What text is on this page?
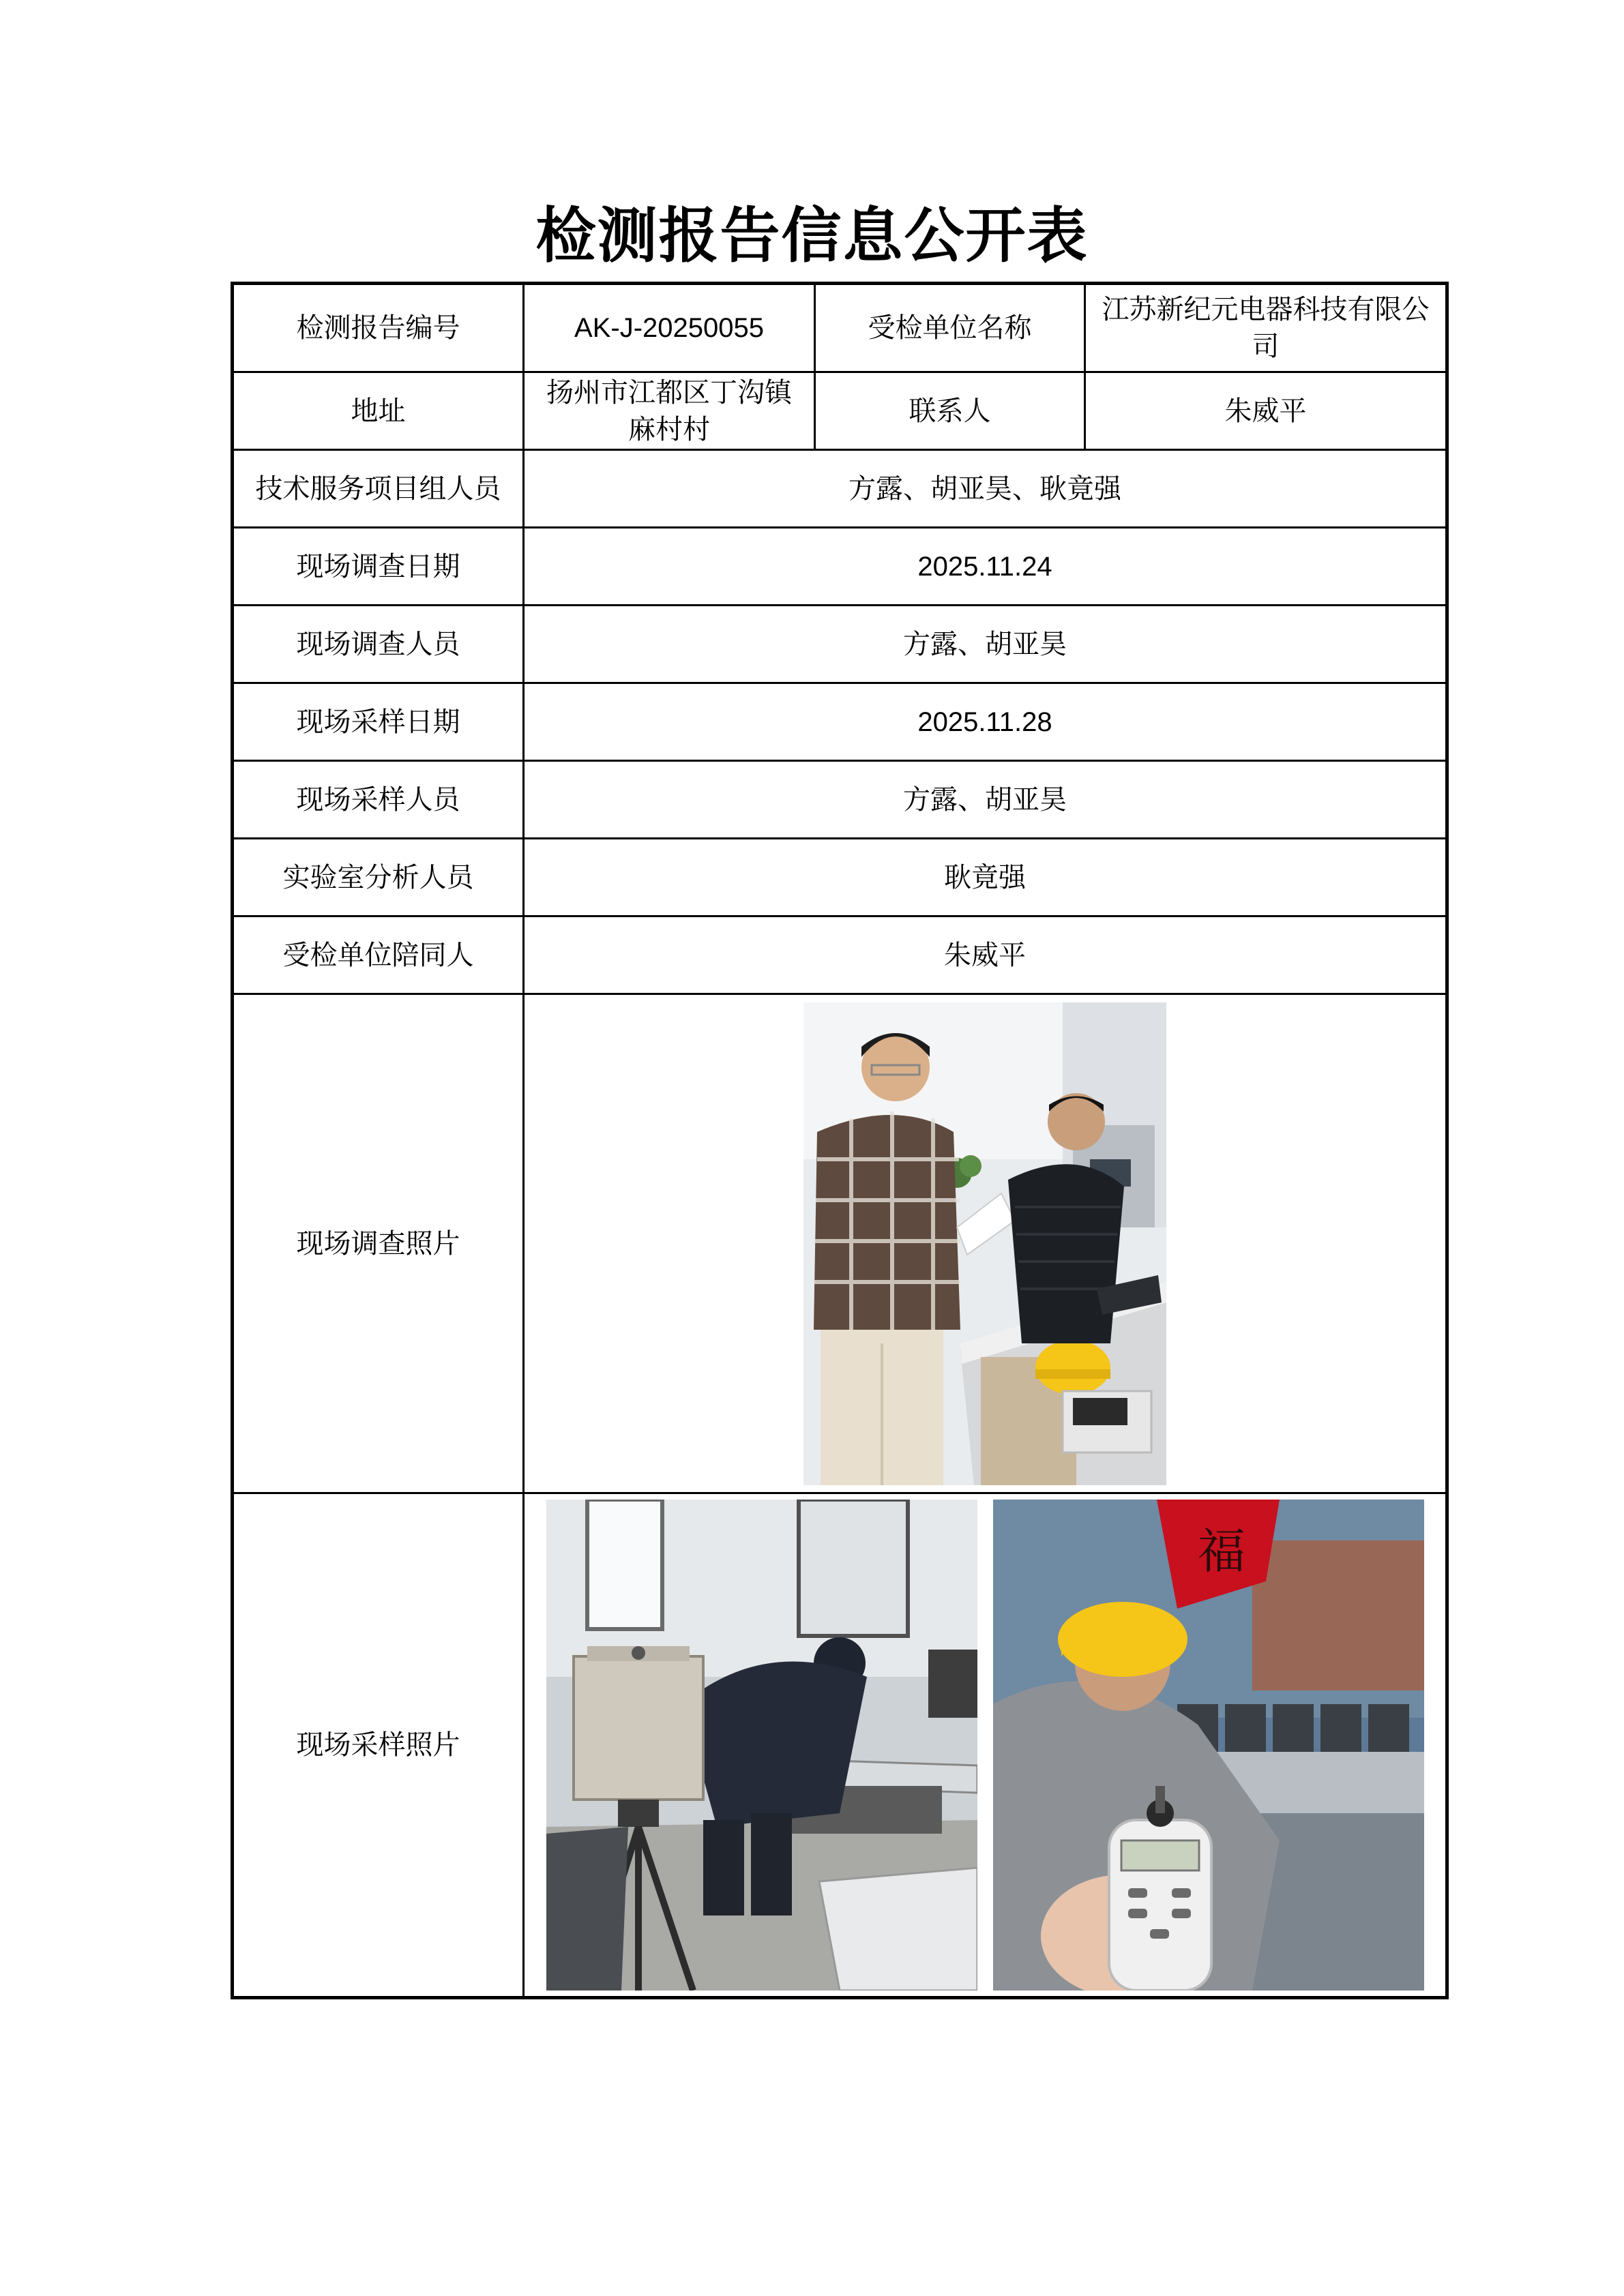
检测报告信息公开表
检测报告编号	AK-J-20250055	受检单位名称	江苏新纪元电器科技有限公司
地址	扬州市江都区丁沟镇麻村村	联系人	朱威平
技术服务项目组人员	方露、胡亚昊、耿竟强		
现场调查日期	2025.11.24		
现场调查人员	方露、胡亚昊		
现场采样日期	2025.11.28		
现场采样人员	方露、胡亚昊		
实验室分析人员	耿竟强		
受检单位陪同人	朱威平		
现场调查照片	

现场采样照片	福		
